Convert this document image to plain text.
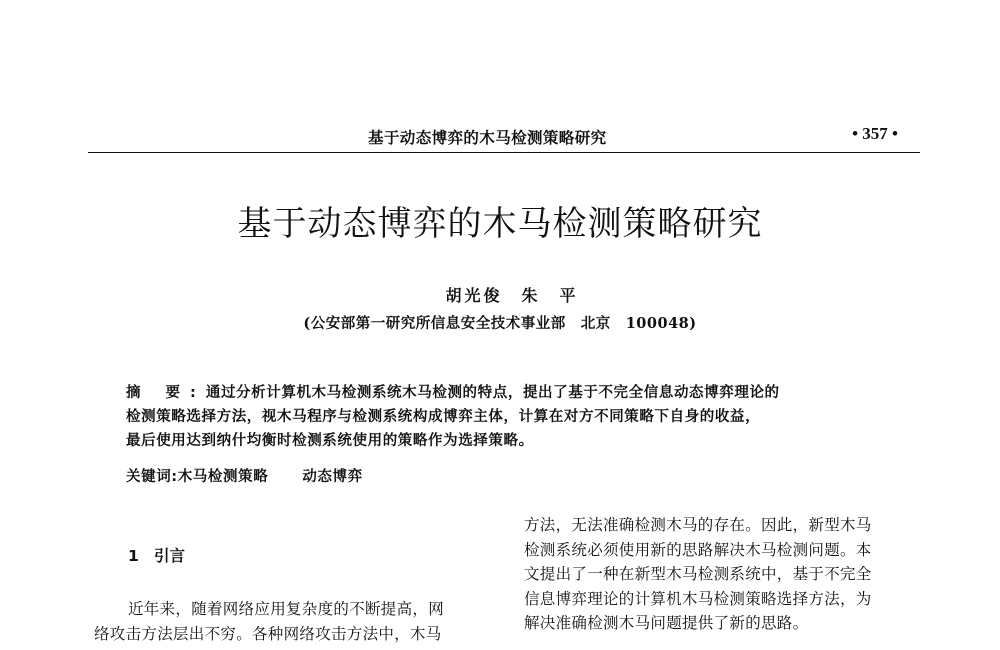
基于动态博弈的木马检测策略研究	• 357 •
基于动态博弈的木马检测策略研究
胡光俊　朱　平
(公安部第一研究所信息安全技术事业部　北京　100048)
摘 要:通过分析计算机木马检测系统木马检测的特点，提出了基于不完全信息动态博弈理论的
检测策略选择方法，视木马程序与检测系统构成博弈主体，计算在对方不同策略下自身的收益，
最后使用达到纳什均衡时检测系统使用的策略作为选择策略。
关键词:木马检测策略 动态博弈
1 引言
近年来，随着网络应用复杂度的不断提高，网
络攻击方法层出不穷。各种网络攻击方法中，木马
方法，无法准确检测木马的存在。因此，新型木马
检测系统必须使用新的思路解决木马检测问题。本
文提出了一种在新型木马检测系统中，基于不完全
信息博弈理论的计算机木马检测策略选择方法，为
解决准确检测木马问题提供了新的思路。
